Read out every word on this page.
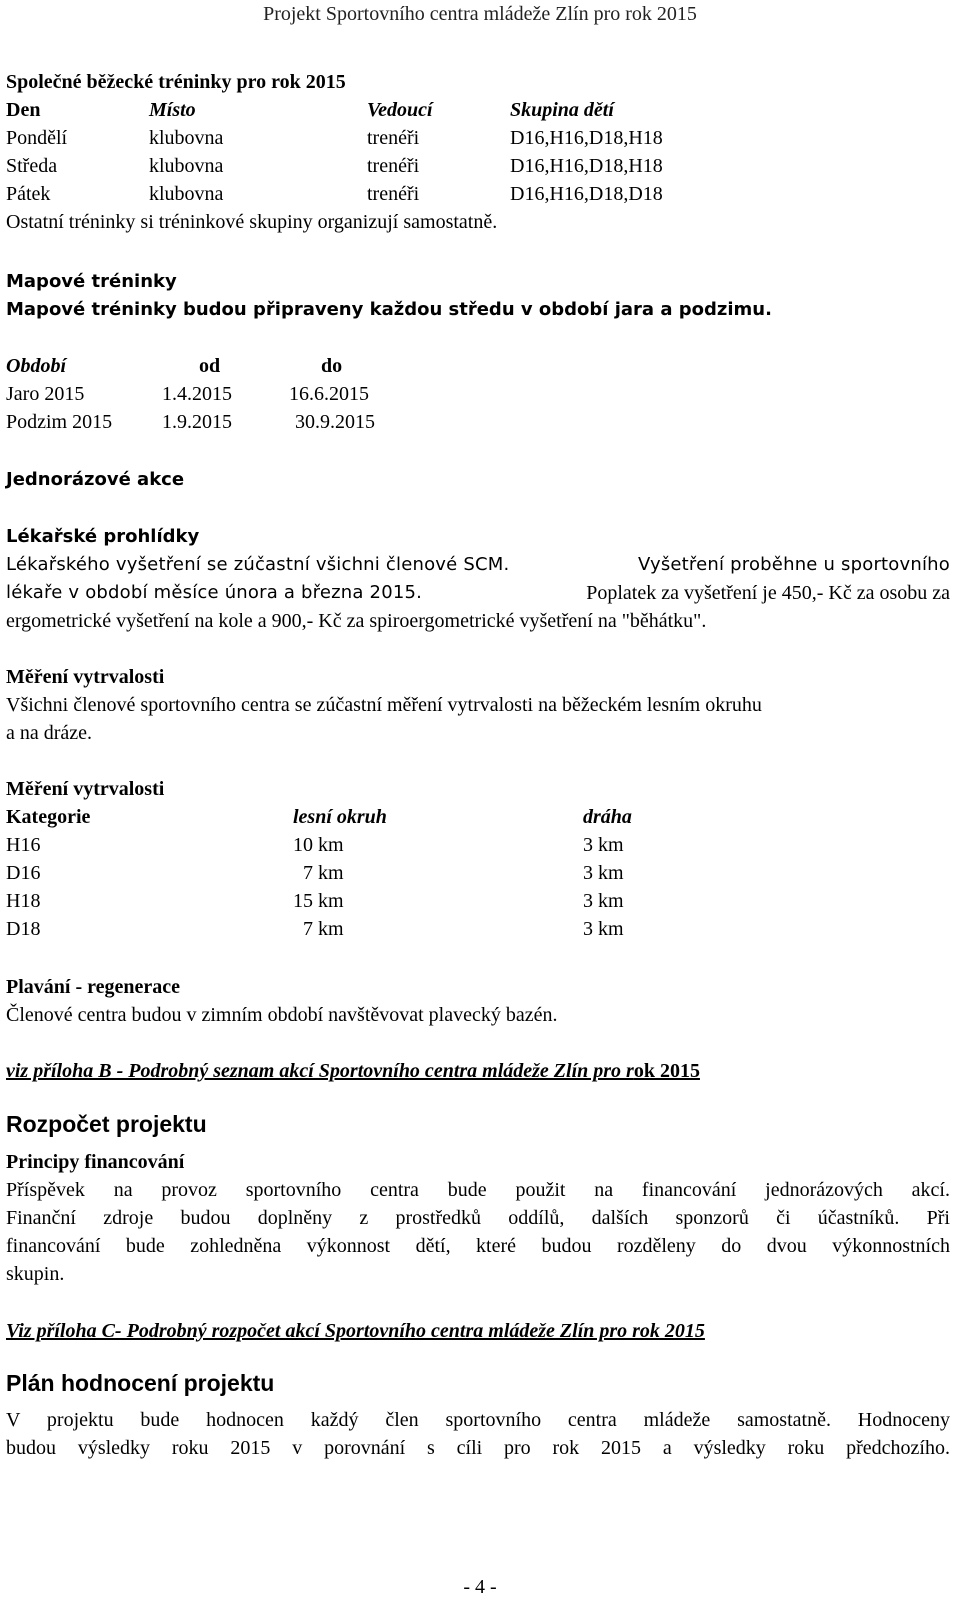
Projekt Sportovního centra mládeže Zlín pro rok 2015
Společné běžecké tréninky pro rok 2015
Den	Místo	Vedoucí	Skupina dětí
Pondělí	klubovna	trenéři	D16,H16,D18,H18
Středa	klubovna	trenéři	D16,H16,D18,H18
Pátek	klubovna	trenéři	D16,H16,D18,D18
Ostatní tréninky si tréninkové skupiny organizují samostatně.
Mapové tréninky
Mapové tréninky budou připraveny každou středu v období jara a podzimu.
Období	od	do
Jaro 2015	1.4.2015	16.6.2015
Podzim 2015 1.9.2015	30.9.2015
Jednorázové akce
Lékařské prohlídky
Lékařského vyšetření se zúčastní všichni členové SCM.	Vyšetření proběhne u sportovního
lékaře v období měsíce února a března 2015.	Poplatek za vyšetření je 450,- Kč za osobu za
ergometrické vyšetření na kole a 900,- Kč za spiroergometrické vyšetření na "běhátku".
Měření vytrvalosti
Všichni členové sportovního centra se zúčastní měření vytrvalosti na běžeckém lesním okruhu
a na dráze.
Měření vytrvalosti
Kategorie	lesní okruh	dráha
H16	10 km	3 km
D16	7 km	3 km
H18	15 km	3 km
D18	7 km	3 km
Plavání - regenerace
Členové centra budou v zimním období navštěvovat plavecký bazén.
viz příloha B - Podrobný seznam akcí Sportovního centra mládeže Zlín pro rok 2015
Rozpočet projektu
Principy financování
Příspěvek na provoz sportovního centra bude použit na financování jednorázových akcí.
Finanční zdroje budou doplněny z prostředků oddílů, dalších sponzorů či účastníků. Při
financování bude zohledněna výkonnost dětí, které budou rozděleny do dvou výkonnostních
skupin.
Viz příloha C- Podrobný rozpočet akcí Sportovního centra mládeže Zlín pro rok 2015
Plán hodnocení projektu
V projektu bude hodnocen každý člen sportovního centra mládeže samostatně. Hodnoceny
budou výsledky roku 2015 v porovnání s cíli pro rok 2015 a výsledky roku předchozího.
- 4 -
